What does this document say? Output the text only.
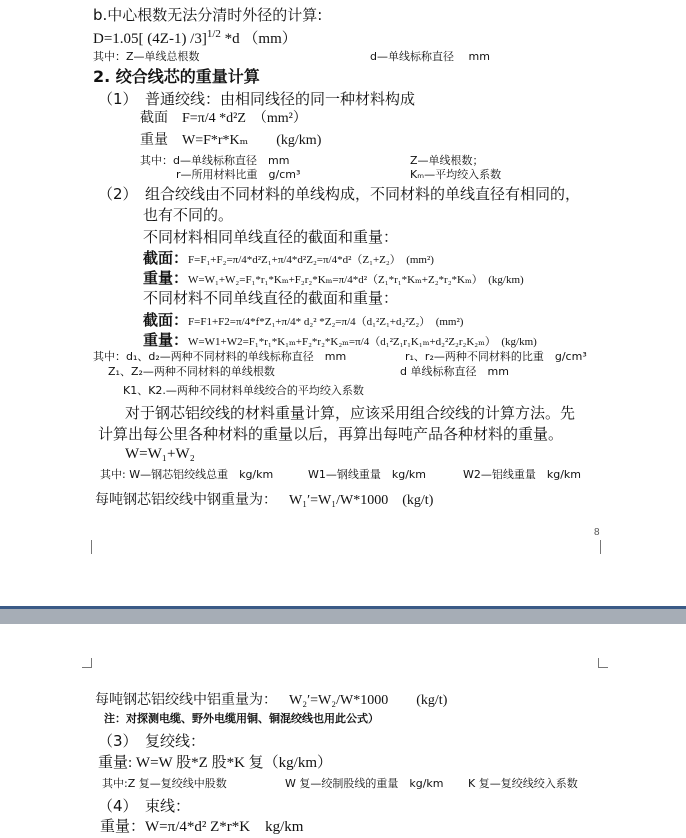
b.中心根数无法分清时外径的计算:
D=1.05[ (4Z-1) /3]$^{1/2}$ *d （mm）
其中：Z—单线总根数	d—单线标称直径　 mm
2. 绞合线芯的重量计算
（1）　普通绞线：由相同线径的同一种材料构成
截面　F=π/4 *d²Z　（mm²）
重量　W=F*r*Kₘ　　(kg/km)
其中：d—单线标称直径　mm	Z—单线根数；
r—所用材料比重　g/cm³	Kₘ—平均绞入系数
（2）　组合绞线由不同材料的单线构成，不同材料的单线直径有相同的，
也有不同的。
不同材料相同单线直径的截面和重量：
截面：F=F₁+F₂=π/4*d²Z₁+π/4*d²Z₂=π/4*d²（Z₁+Z₂）　(mm²)
重量：W=W₁+W₂=F₁*r₁*Kₘ+F₂r₂*Kₘ=π/4*d²（Z₁*r₁*Kₘ+Z₂*r₂*Kₘ）　(kg/km)
不同材料不同单线直径的截面和重量：
截面：F=F1+F2=π/4*f*Z₁+π/4* d₂² *Z₂=π/4（d₁²Z₁+d₂²Z₂）　(mm²)
重量：W=W1+W2=F₁*r₁*K₁ₘ+F₂*r₂*K₂ₘ=π/4（d₁²Z₁r₁K₁ₘ+d₂²Z₂r₂K₂ₘ）　(kg/km)
其中：d₁、d₂—两种不同材料的单线标称直径　mm	r₁、r₂—两种不同材料的比重　g/cm³
Z₁、Z₂—两种不同材料的单线根数	d 单线标称直径　mm
K1、K2.—两种不同材料单线绞合的平均绞入系数
对于钢芯铝绞线的材料重量计算，应该采用组合绞线的计算方法。先
计算出每公里各种材料的重量以后，再算出每吨产品各种材料的重量。
W=W₁+W₂
其中: W—钢芯铝绞线总重　kg/km	W1—钢线重量　kg/km	W2—铝线重量　kg/km
每吨钢芯铝绞线中钢重量为： W₁′=W₁/W*1000　(kg/t)
8
每吨钢芯铝绞线中铝重量为： W₂′=W₂/W*1000　　(kg/t)
注：对探测电缆、野外电缆用铜、铜混绞线也用此公式）
（3）　复绞线：
重量: W=W 股*Z 股*K 复（kg/km）
其中:Z 复—复绞线中股数	W 复—绞制股线的重量　kg/km K 复—复绞线绞入系数
（4）　束线：
重量：W=π/4*d² Z*r*K　kg/km
